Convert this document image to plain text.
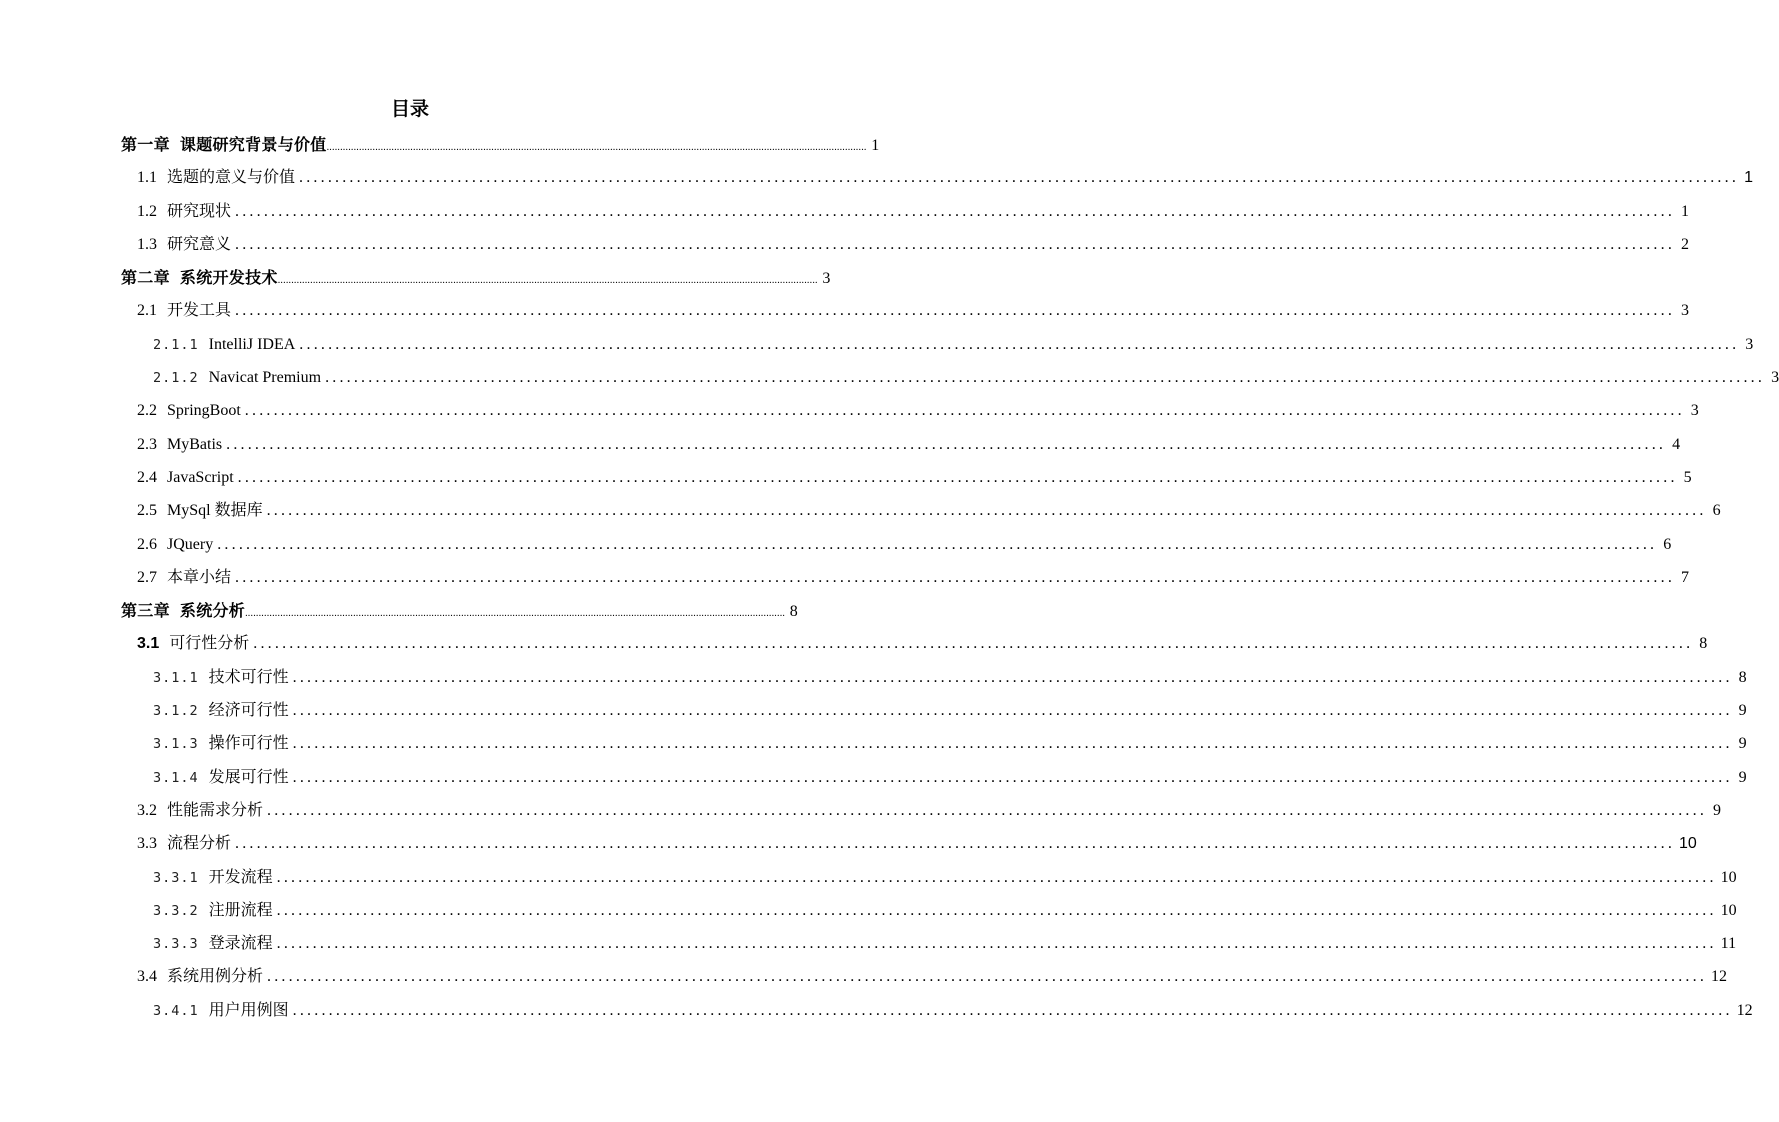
目录
第一章 课题研究背景与价值 ........................................................................................................................................................................................................ 1
1.1 选题的意义与价值 ........................................................................................................................................................................................................ 1
1.2 研究现状 ........................................................................................................................................................................................................ 1
1.3 研究意义 ........................................................................................................................................................................................................ 2
第二章 系统开发技术 ........................................................................................................................................................................................................ 3
2.1 开发工具 ........................................................................................................................................................................................................ 3
2.1.1 IntelliJ IDEA ........................................................................................................................................................................................................ 3
2.1.2 Navicat Premium ........................................................................................................................................................................................................ 3
2.2 SpringBoot ........................................................................................................................................................................................................ 3
2.3 MyBatis ........................................................................................................................................................................................................ 4
2.4 JavaScript ........................................................................................................................................................................................................ 5
2.5 MySql 数据库 ........................................................................................................................................................................................................ 6
2.6 JQuery ........................................................................................................................................................................................................ 6
2.7 本章小结 ........................................................................................................................................................................................................ 7
第三章 系统分析 ........................................................................................................................................................................................................ 8
3.1 可行性分析 ........................................................................................................................................................................................................ 8
3.1.1 技术可行性 ........................................................................................................................................................................................................ 8
3.1.2 经济可行性 ........................................................................................................................................................................................................ 9
3.1.3 操作可行性 ........................................................................................................................................................................................................ 9
3.1.4 发展可行性 ........................................................................................................................................................................................................ 9
3.2 性能需求分析 ........................................................................................................................................................................................................ 9
3.3 流程分析 ........................................................................................................................................................................................................ 10
3.3.1 开发流程 ........................................................................................................................................................................................................ 10
3.3.2 注册流程 ........................................................................................................................................................................................................ 10
3.3.3 登录流程 ........................................................................................................................................................................................................ 11
3.4 系统用例分析 ........................................................................................................................................................................................................ 12
3.4.1 用户用例图 ........................................................................................................................................................................................................ 12
